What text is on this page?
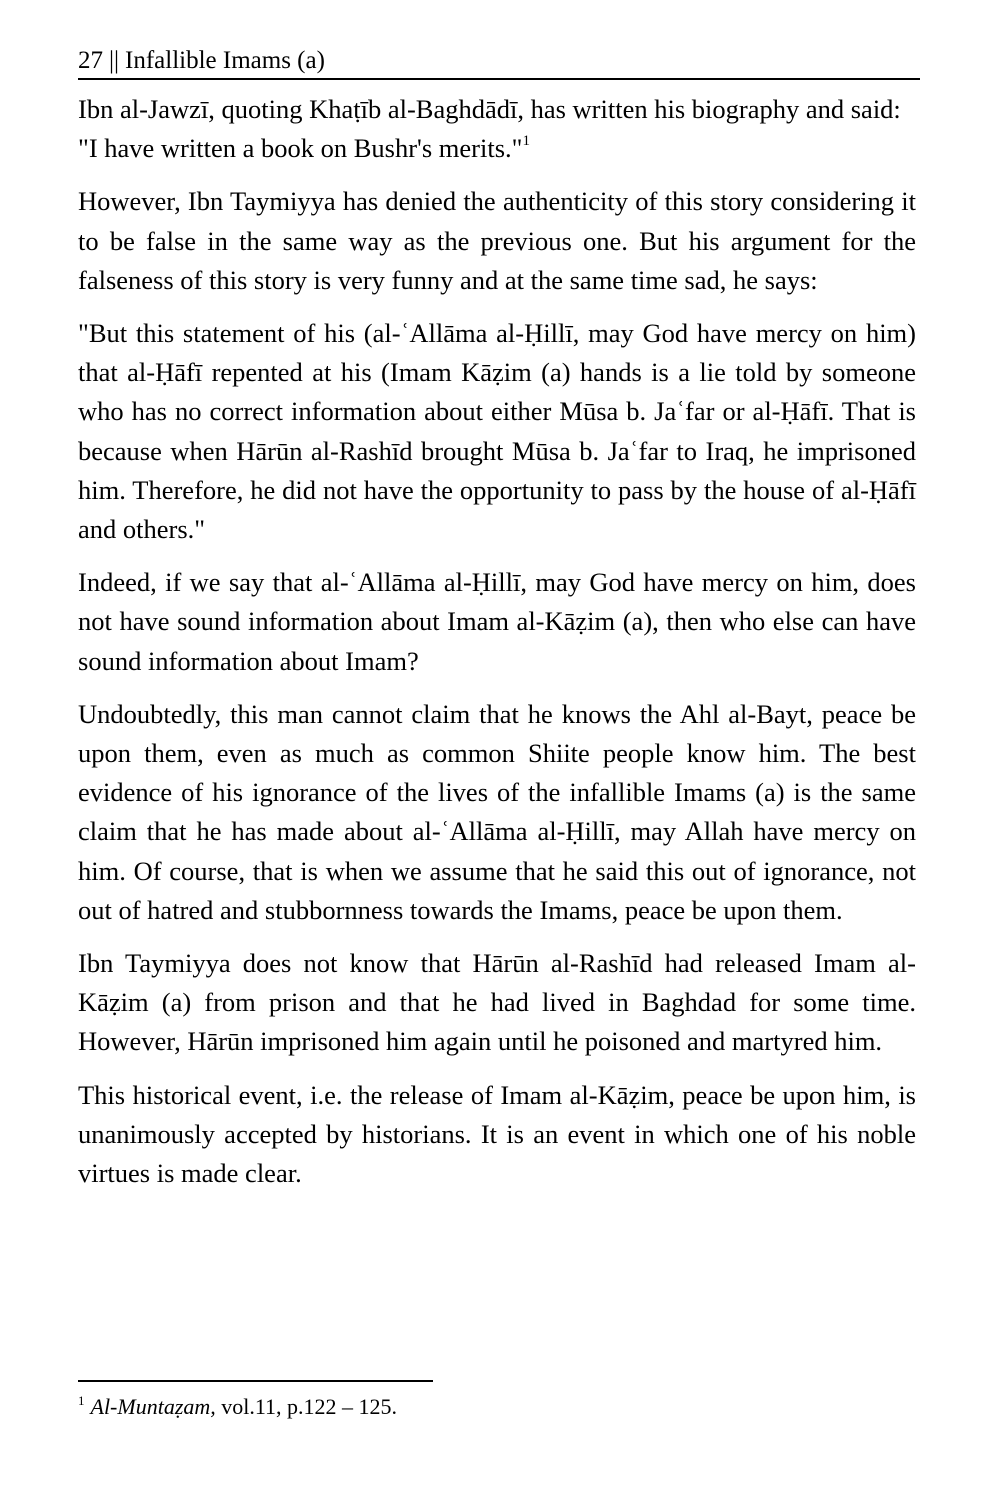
27 || Infallible Imams (a)

Ibn al-Jawzī, quoting Khaṭīb al-Baghdādī, has written his biography and said: "I have written a book on Bushr's merits."$^1$

However, Ibn Taymiyya has denied the authenticity of this story considering it to be false in the same way as the previous one. But his argument for the falseness of this story is very funny and at the same time sad, he says:

"But this statement of his (al-ʿAllāma al-Ḥillī, may God have mercy on him) that al-Ḥāfī repented at his (Imam Kāẓim (a) hands is a lie told by someone who has no correct information about either Mūsa b. Jaʿfar or al-Ḥāfī. That is because when Hārūn al-Rashīd brought Mūsa b. Jaʿfar to Iraq, he imprisoned him. Therefore, he did not have the opportunity to pass by the house of al-Ḥāfī and others."

Indeed, if we say that al-ʿAllāma al-Ḥillī, may God have mercy on him, does not have sound information about Imam al-Kāẓim (a), then who else can have sound information about Imam?

Undoubtedly, this man cannot claim that he knows the Ahl al-Bayt, peace be upon them, even as much as common Shiite people know him. The best evidence of his ignorance of the lives of the infallible Imams (a) is the same claim that he has made about al-ʿAllāma al-Ḥillī, may Allah have mercy on him. Of course, that is when we assume that he said this out of ignorance, not out of hatred and stubbornness towards the Imams, peace be upon them.

Ibn Taymiyya does not know that Hārūn al-Rashīd had released Imam al-Kāẓim (a) from prison and that he had lived in Baghdad for some time. However, Hārūn imprisoned him again until he poisoned and martyred him.

This historical event, i.e. the release of Imam al-Kāẓim, peace be upon him, is unanimously accepted by historians. It is an event in which one of his noble virtues is made clear.

$^1$ Al-Muntaẓam, vol.11, p.122 – 125.
